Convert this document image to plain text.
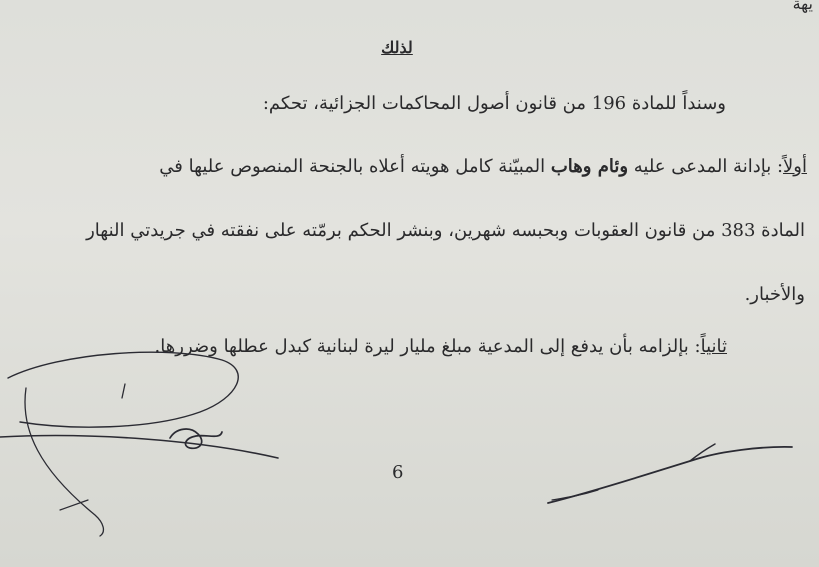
يهة
لذلك
وسنداً للمادة 196 من قانون أصول المحاكمات الجزائية، تحكم:
أولاً: بإدانة المدعى عليه وئام وهاب المبيّنة كامل هويته أعلاه بالجنحة المنصوص عليها في
المادة 383 من قانون العقوبات وبحبسه شهرين، وبنشر الحكم برمّته على نفقته في جريدتي النهار
والأخبار.
ثانياً: بإلزامه بأن يدفع إلى المدعية مبلغ مليار ليرة لبنانية كبدل عطلها وضررها.
6
